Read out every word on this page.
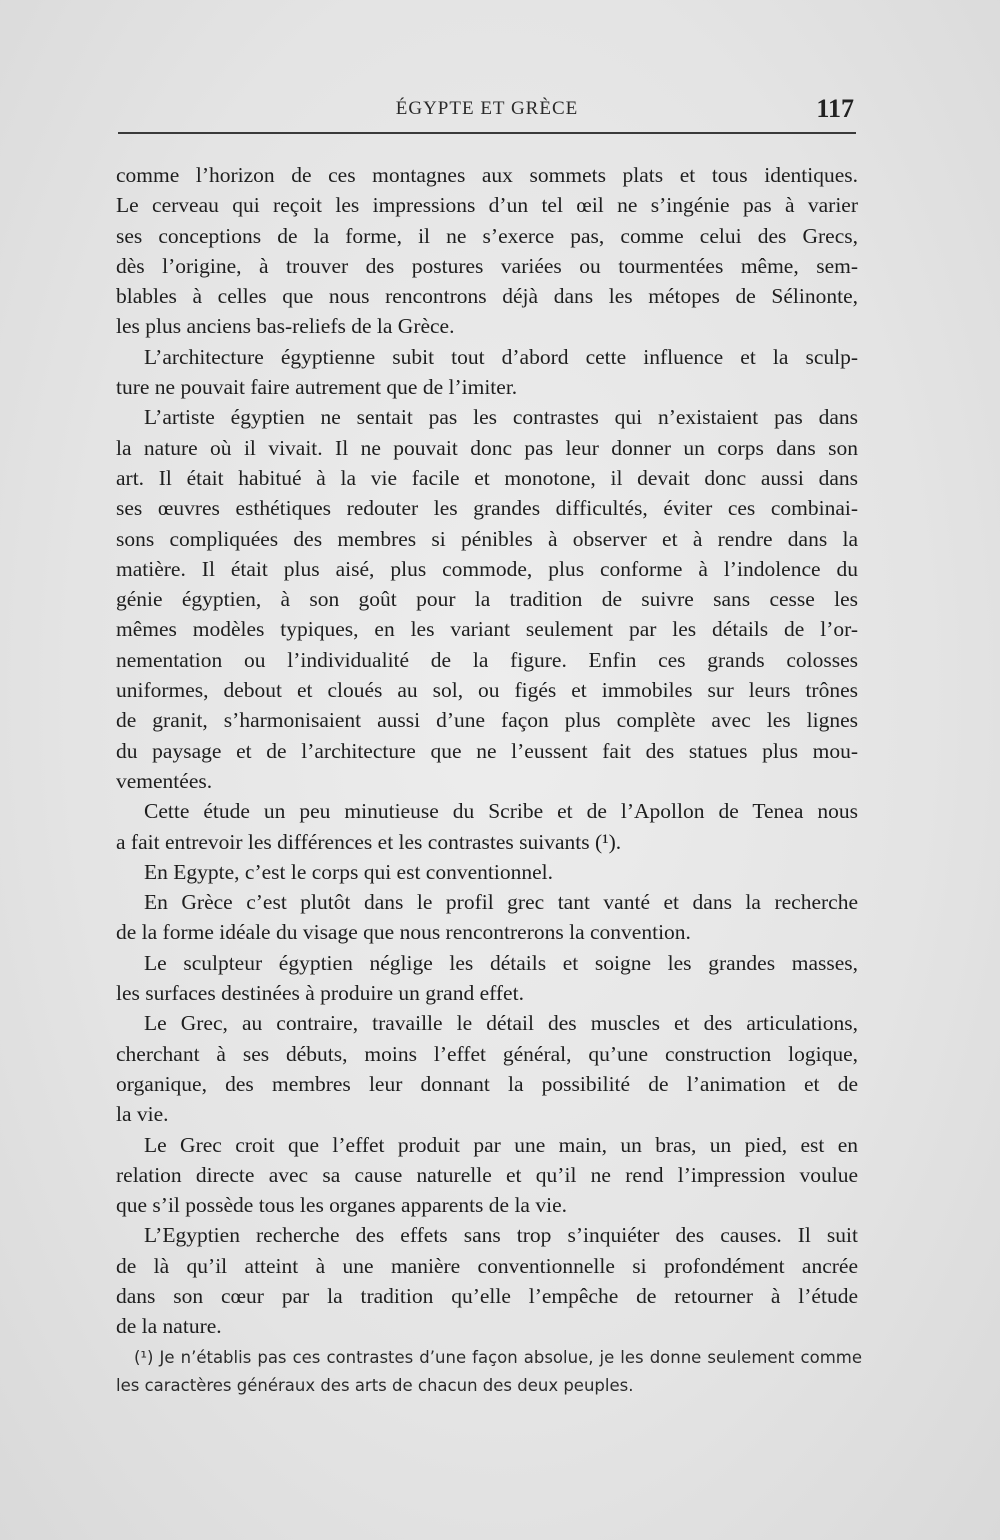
ÉGYPTE ET GRÈCE	117
comme l’horizon de ces montagnes aux sommets plats et tous identiques.
Le cerveau qui reçoit les impressions d’un tel œil ne s’ingénie pas à varier
ses conceptions de la forme, il ne s’exerce pas, comme celui des Grecs,
dès l’origine, à trouver des postures variées ou tourmentées même, sem-
blables à celles que nous rencontrons déjà dans les métopes de Sélinonte,
les plus anciens bas-reliefs de la Grèce.
L’architecture égyptienne subit tout d’abord cette influence et la sculp-
ture ne pouvait faire autrement que de l’imiter.
L’artiste égyptien ne sentait pas les contrastes qui n’existaient pas dans
la nature où il vivait. Il ne pouvait donc pas leur donner un corps dans son
art. Il était habitué à la vie facile et monotone, il devait donc aussi dans
ses œuvres esthétiques redouter les grandes difficultés, éviter ces combinai-
sons compliquées des membres si pénibles à observer et à rendre dans la
matière. Il était plus aisé, plus commode, plus conforme à l’indolence du
génie égyptien, à son goût pour la tradition de suivre sans cesse les
mêmes modèles typiques, en les variant seulement par les détails de l’or-
nementation ou l’individualité de la figure. Enfin ces grands colosses
uniformes, debout et cloués au sol, ou figés et immobiles sur leurs trônes
de granit, s’harmonisaient aussi d’une façon plus complète avec les lignes
du paysage et de l’architecture que ne l’eussent fait des statues plus mou-
vementées.
Cette étude un peu minutieuse du Scribe et de l’Apollon de Tenea nous
a fait entrevoir les différences et les contrastes suivants (¹).
En Egypte, c’est le corps qui est conventionnel.
En Grèce c’est plutôt dans le profil grec tant vanté et dans la recherche
de la forme idéale du visage que nous rencontrerons la convention.
Le sculpteur égyptien néglige les détails et soigne les grandes masses,
les surfaces destinées à produire un grand effet.
Le Grec, au contraire, travaille le détail des muscles et des articulations,
cherchant à ses débuts, moins l’effet général, qu’une construction logique,
organique, des membres leur donnant la possibilité de l’animation et de
la vie.
Le Grec croit que l’effet produit par une main, un bras, un pied, est en
relation directe avec sa cause naturelle et qu’il ne rend l’impression voulue
que s’il possède tous les organes apparents de la vie.
L’Egyptien recherche des effets sans trop s’inquiéter des causes. Il suit
de là qu’il atteint à une manière conventionnelle si profondément ancrée
dans son cœur par la tradition qu’elle l’empêche de retourner à l’étude
de la nature.
(¹) Je n’établis pas ces contrastes d’une façon absolue, je les donne seulement comme
les caractères généraux des arts de chacun des deux peuples.
